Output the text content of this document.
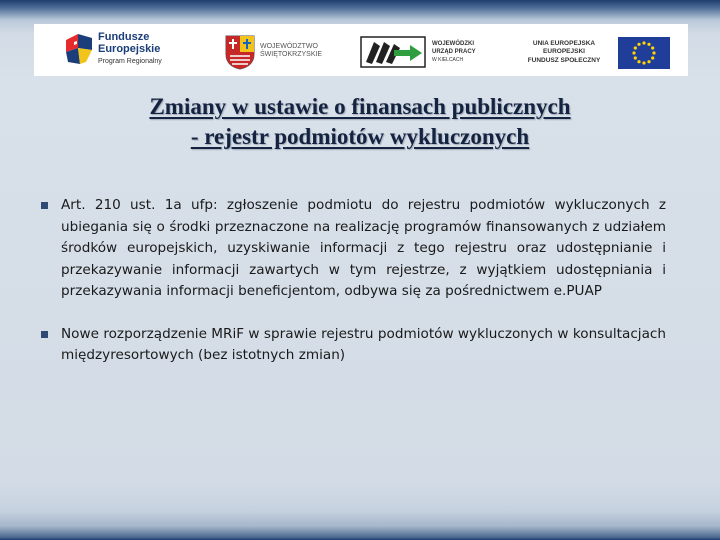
Fundusze
Europejskie
Program Regionalny
WOJEWÓDZTWO
ŚWIĘTOKRZYSKIE
WOJEWÓDZKI
URZĄD PRACY
W KIELCACH
UNIA EUROPEJSKA
EUROPEJSKI
FUNDUSZ SPOŁECZNY
Zmiany w ustawie o finansach publicznych
- rejestr podmiotów wykluczonych
Art. 210 ust. 1a ufp: zgłoszenie podmiotu do rejestru podmiotów wykluczonych z ubiegania się o środki przeznaczone na realizację programów finansowanych z udziałem środków europejskich, uzyskiwanie informacji z tego rejestru oraz udostępnianie i przekazywanie informacji zawartych w tym rejestrze, z wyjątkiem udostępniania i przekazywania informacji beneficjentom, odbywa się za pośrednictwem e.PUAP
Nowe rozporządzenie MRiF w sprawie rejestru podmiotów wykluczonych w konsultacjach międzyresortowych (bez istotnych zmian)
